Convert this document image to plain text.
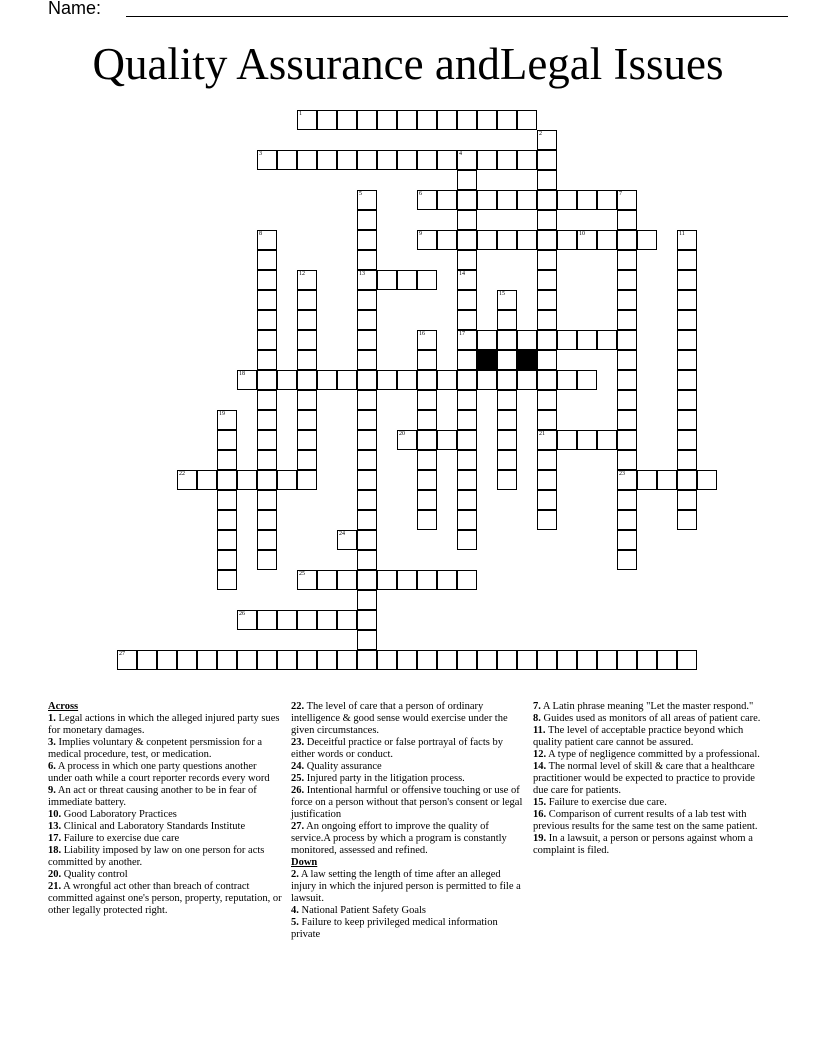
Name:
Quality Assurance andLegal Issues
1
3	4
6
9	10
13
17
18
20	21
22	23
24
25
26
27
2
14
5	7
8	11
12
15
16
19
Across
1. Legal actions in which the alleged injured party sues for monetary damages.
3. Implies voluntary & conpetent persmission for a medical procedure, test, or medication.
6. A process in which one party questions another under oath while a court reporter records every word
9. An act or threat causing another to be in fear of immediate battery.
10. Good Laboratory Practices
13. Clinical and Laboratory Standards Institute
17. Failure to exercise due care
18. Liability imposed by law on one person for acts committed by another.
20. Quality control
21. A wrongful act other than breach of contract committed against one's person, property, reputation, or other legally protected right.
22. The level of care that a person of ordinary intelligence & good sense would exercise under the given circumstances.
23. Deceitful practice or false portrayal of facts by either words or conduct.
24. Quality assurance
25. Injured party in the litigation process.
26. Intentional harmful or offensive touching or use of force on a person without that person's consent or legal justification
27. An ongoing effort to improve the quality of service.A process by which a program is constantly monitored, assessed and refined.
Down
2. A law setting the length of time after an alleged injury in which the injured person is permitted to file a lawsuit.
4. National Patient Safety Goals
5. Failure to keep privileged medical information private
7. A Latin phrase meaning "Let the master respond."
8. Guides used as monitors of all areas of patient care.
11. The level of acceptable practice beyond which quality patient care cannot be assured.
12. A type of negligence committed by a professional.
14. The normal level of skill & care that a healthcare practitioner would be expected to practice to provide due care for patients.
15. Failure to exercise due care.
16. Comparison of current results of a lab test with previous results for the same test on the same patient.
19. In a lawsuit, a person or persons against whom a complaint is filed.
